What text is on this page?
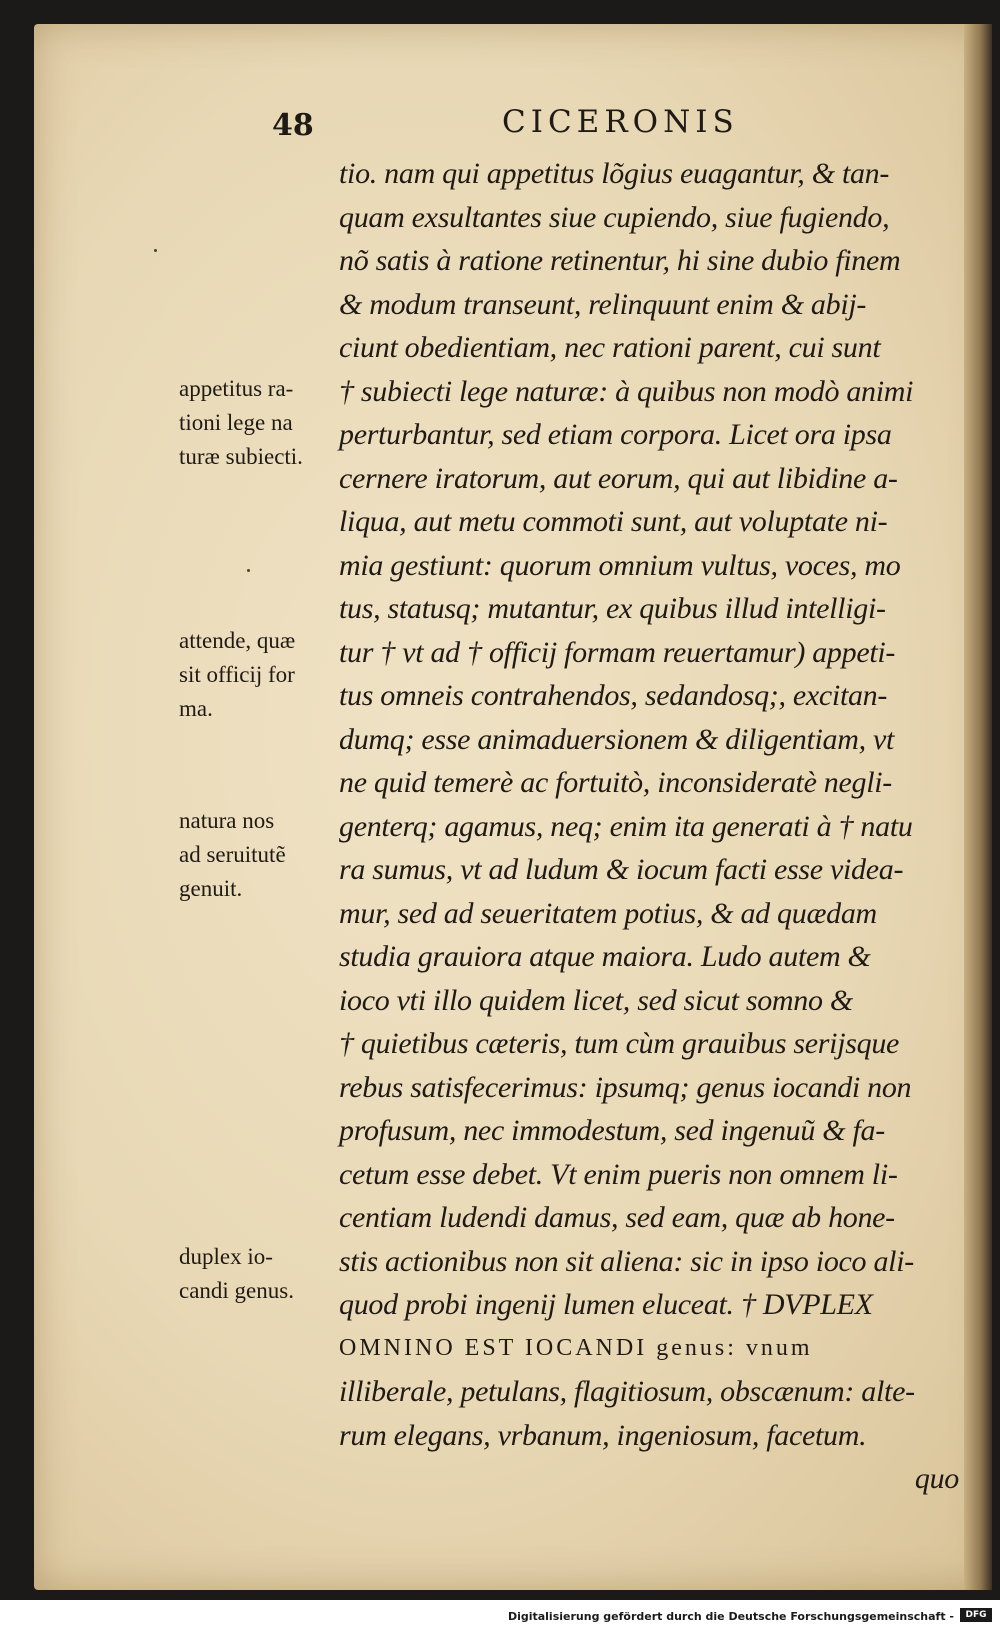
48	CICERONIS
tio. nam qui appetitus lõgius euagantur, & tan-
quam exsultantes siue cupiendo, siue fugiendo,
nõ satis à ratione retinentur, hi sine dubio finem
& modum transeunt, relinquunt enim & abij-
ciunt obedientiam, nec rationi parent, cui sunt
† subiecti lege naturæ: à quibus non modò animi
perturbantur, sed etiam corpora. Licet ora ipsa
cernere iratorum, aut eorum, qui aut libidine a-
liqua, aut metu commoti sunt, aut voluptate ni-
mia gestiunt: quorum omnium vultus, voces, mo
tus, statusq; mutantur, ex quibus illud intelligi-
tur † vt ad † officij formam reuertamur) appeti-
tus omneis contrahendos, sedandosq;, excitan-
dumq; esse animaduersionem & diligentiam, vt
ne quid temerè ac fortuitò, inconsideratè negli-
genterq; agamus, neq; enim ita generati à † natu
ra sumus, vt ad ludum & iocum facti esse videa-
mur, sed ad seueritatem potius, & ad quædam
studia grauiora atque maiora. Ludo autem &
ioco vti illo quidem licet, sed sicut somno &
† quietibus cæteris, tum cùm grauibus serijsque
rebus satisfecerimus: ipsumq; genus iocandi non
profusum, nec immodestum, sed ingenuũ & fa-
cetum esse debet. Vt enim pueris non omnem li-
centiam ludendi damus, sed eam, quæ ab hone-
stis actionibus non sit aliena: sic in ipso ioco ali-
quod probi ingenij lumen eluceat. † DVPLEX
OMNINO EST IOCANDI genus: vnum
illiberale, petulans, flagitiosum, obscænum: alte-
rum elegans, vrbanum, ingeniosum, facetum.
quo
appetitus ra-
tioni lege na
turæ subiecti.
attende, quæ
sit officij for
ma.
natura nos
ad seruitutẽ
genuit.
duplex io-
candi genus.
Digitalisierung gefördert durch die Deutsche Forschungsgemeinschaft -	DFG
